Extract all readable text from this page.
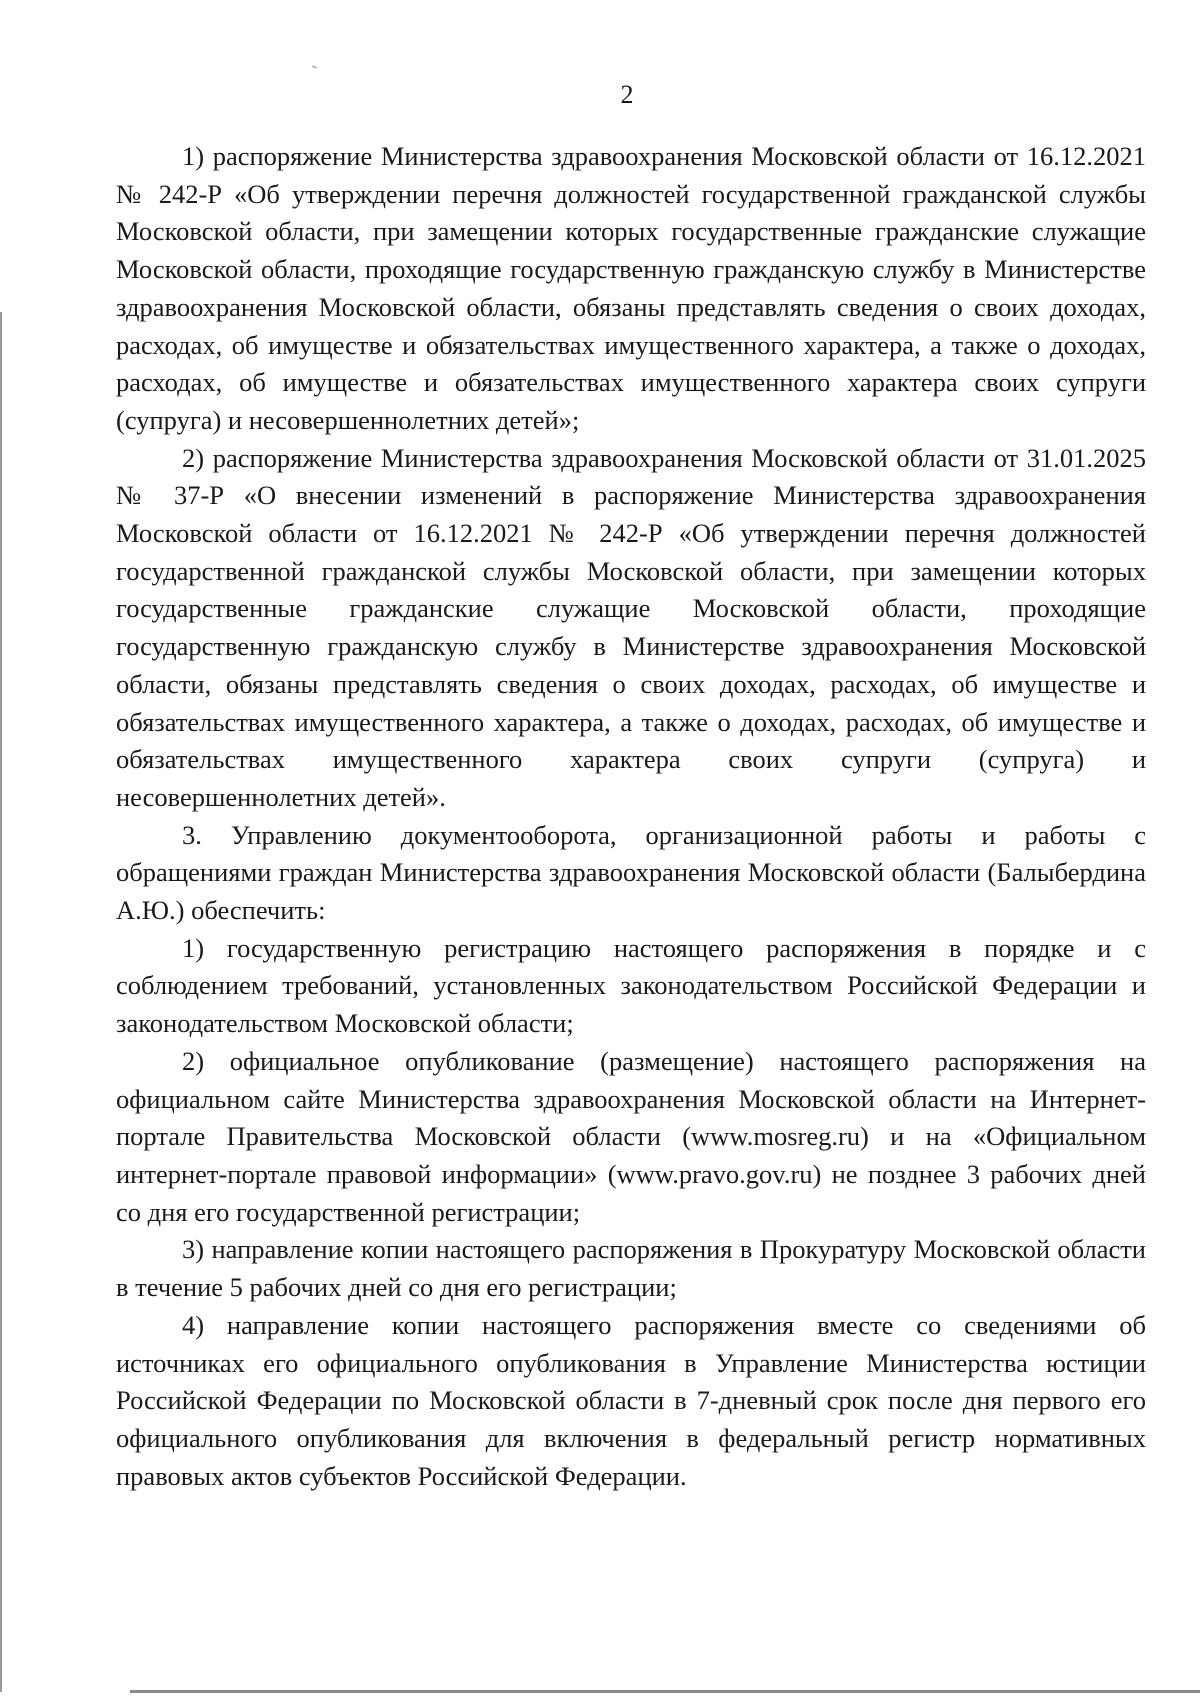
2

1) распоряжение Министерства здравоохранения Московской области от 16.12.2021 № 242-Р «Об утверждении перечня должностей государственной гражданской службы Московской области, при замещении которых государственные гражданские служащие Московской области, проходящие государственную гражданскую службу в Министерстве здравоохранения Московской области, обязаны представлять сведения о своих доходах, расходах, об имуществе и обязательствах имущественного характера, а также о доходах, расходах, об имуществе и обязательствах имущественного характера своих супруги (супруга) и несовершеннолетних детей»;

2) распоряжение Министерства здравоохранения Московской области от 31.01.2025 № 37-Р «О внесении изменений в распоряжение Министерства здравоохранения Московской области от 16.12.2021 № 242-Р «Об утверждении перечня должностей государственной гражданской службы Московской области, при замещении которых государственные гражданские служащие Московской области, проходящие государственную гражданскую службу в Министерстве здравоохранения Московской области, обязаны представлять сведения о своих доходах, расходах, об имуществе и обязательствах имущественного характера, а также о доходах, расходах, об имуществе и обязательствах имущественного характера своих супруги (супруга) и несовершеннолетних детей».

3. Управлению документооборота, организационной работы и работы с обращениями граждан Министерства здравоохранения Московской области (Балыбердина А.Ю.) обеспечить:

1) государственную регистрацию настоящего распоряжения в порядке и с соблюдением требований, установленных законодательством Российской Федерации и законодательством Московской области;

2) официальное опубликование (размещение) настоящего распоряжения на официальном сайте Министерства здравоохранения Московской области на Интернет-портале Правительства Московской области (www.mosreg.ru) и на «Официальном интернет-портале правовой информации» (www.pravo.gov.ru) не позднее 3 рабочих дней со дня его государственной регистрации;

3) направление копии настоящего распоряжения в Прокуратуру Московской области в течение 5 рабочих дней со дня его регистрации;

4) направление копии настоящего распоряжения вместе со сведениями об источниках его официального опубликования в Управление Министерства юстиции Российской Федерации по Московской области в 7-дневный срок после дня первого его официального опубликования для включения в федеральный регистр нормативных правовых актов субъектов Российской Федерации.
